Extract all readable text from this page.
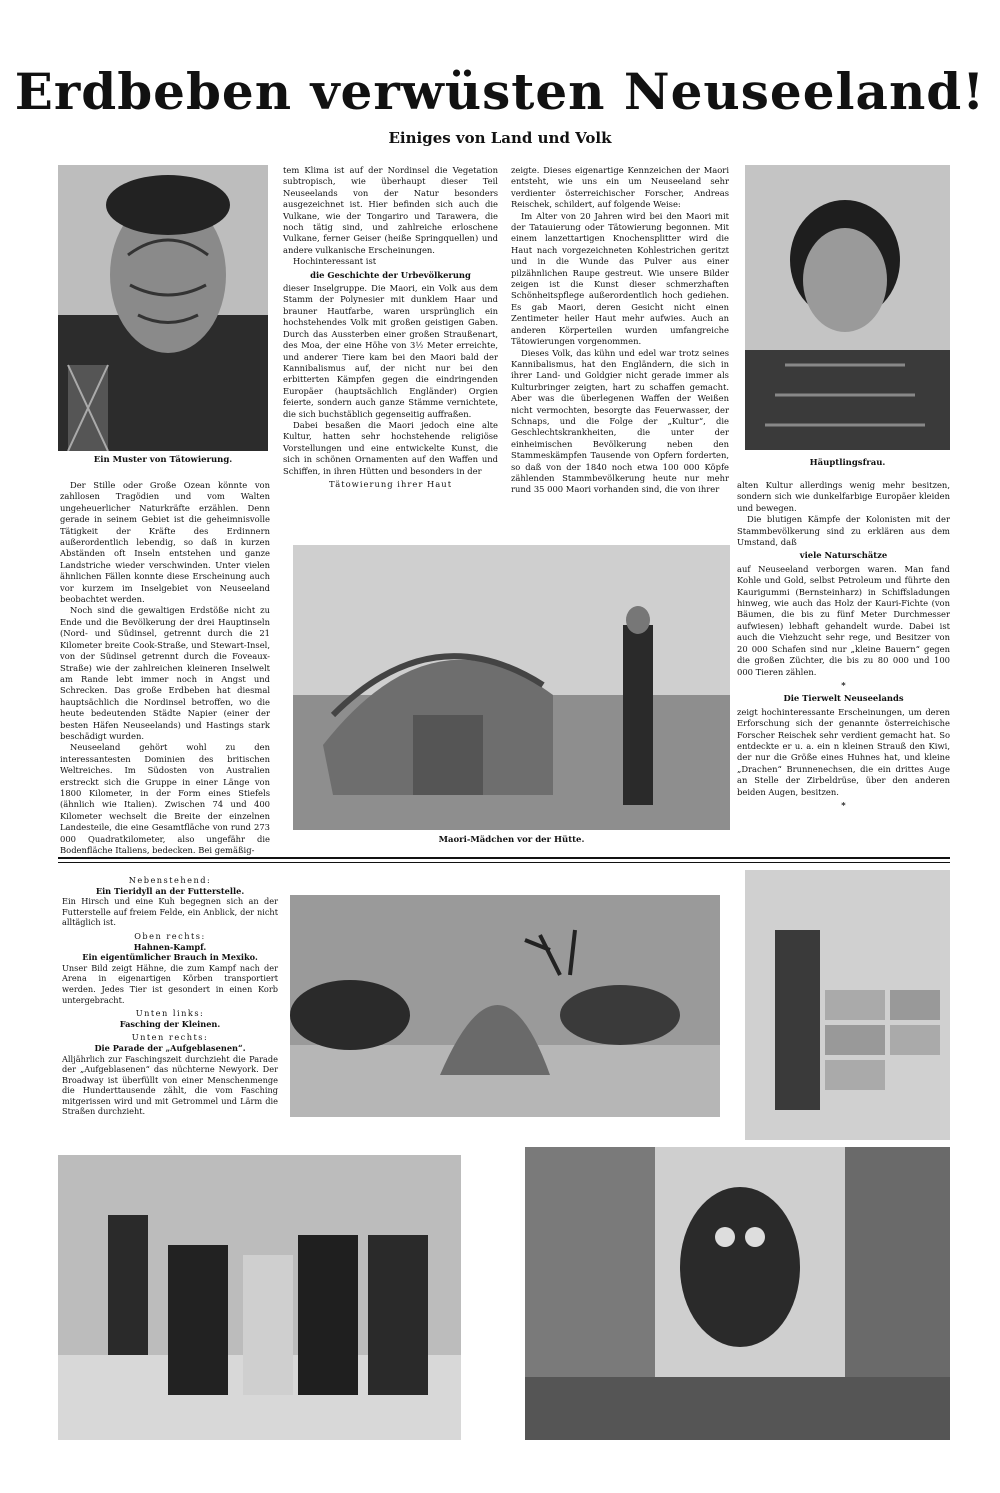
Erdbeben verwüsten Neuseeland!
Einiges von Land und Volk
Ein Muster von Tätowierung.	Häuptlingsfrau.

Der Stille oder Große Ozean könnte von zahllosen Tragödien und vom Walten ungeheuerlicher Naturkräfte erzählen. Denn gerade in seinem Gebiet ist die geheimnisvolle Tätigkeit der Kräfte des Erdinnern außerordentlich lebendig, so daß in kurzen Abständen oft Inseln entstehen und ganze Landstriche wieder verschwinden. Unter vielen ähnlichen Fällen konnte diese Erscheinung auch vor kurzem im Inselgebiet von Neuseeland beobachtet werden.

Noch sind die gewaltigen Erdstöße nicht zu Ende und die Bevölkerung der drei Hauptinseln (Nord- und Südinsel, getrennt durch die 21 Kilometer breite Cook-Straße, und Stewart-Insel, von der Südinsel getrennt durch die Foveaux-Straße) wie der zahlreichen kleineren Inselwelt am Rande lebt immer noch in Angst und Schrecken. Das große Erdbeben hat diesmal hauptsächlich die Nordinsel betroffen, wo die heute bedeutenden Städte Napier (einer der besten Häfen Neuseelands) und Hastings stark beschädigt wurden.

Neuseeland gehört wohl zu den interessantesten Dominien des britischen Weltreiches. Im Südosten von Australien erstreckt sich die Gruppe in einer Länge von 1800 Kilometer, in der Form eines Stiefels (ähnlich wie Italien). Zwischen 74 und 400 Kilometer wechselt die Breite der einzelnen Landesteile, die eine Gesamtfläche von rund 273 000 Quadratkilometer, also ungefähr die Bodenfläche Italiens, bedecken. Bei gemäßig-

tem Klima ist auf der Nordinsel die Vegetation subtropisch, wie überhaupt dieser Teil Neuseelands von der Natur besonders ausgezeichnet ist. Hier befinden sich auch die Vulkane, wie der Tongariro und Tarawera, die noch tätig sind, und zahlreiche erloschene Vulkane, ferner Geiser (heiße Springquellen) und andere vulkanische Erscheinungen.

Hochinteressant ist

die Geschichte der Urbevölkerung

dieser Inselgruppe. Die Maori, ein Volk aus dem Stamm der Polynesier mit dunklem Haar und brauner Hautfarbe, waren ursprünglich ein hochstehendes Volk mit großen geistigen Gaben. Durch das Aussterben einer großen Straußenart, des Moa, der eine Höhe von 3½ Meter erreichte, und anderer Tiere kam bei den Maori bald der Kannibalismus auf, der nicht nur bei den erbitterten Kämpfen gegen die eindringenden Europäer (hauptsächlich Engländer) Orgien feierte, sondern auch ganze Stämme vernichtete, die sich buchstäblich gegenseitig auffraßen.

Dabei besaßen die Maori jedoch eine alte Kultur, hatten sehr hochstehende religiöse Vorstellungen und eine entwickelte Kunst, die sich in schönen Ornamenten auf den Waffen und Schiffen, in ihren Hütten und besonders in der

Tätowierung ihrer Haut

zeigte. Dieses eigenartige Kennzeichen der Maori entsteht, wie uns ein um Neuseeland sehr verdienter österreichischer Forscher, Andreas Reischek, schildert, auf folgende Weise:

Im Alter von 20 Jahren wird bei den Maori mit der Tatauierung oder Tätowierung begonnen. Mit einem lanzettartigen Knochensplitter wird die Haut nach vorgezeichneten Kohlestrichen geritzt und in die Wunde das Pulver aus einer pilzähnlichen Raupe gestreut. Wie unsere Bilder zeigen ist die Kunst dieser schmerzhaften Schönheitspflege außerordentlich hoch gediehen. Es gab Maori, deren Gesicht nicht einen Zentimeter heiler Haut mehr aufwies. Auch an anderen Körperteilen wurden umfangreiche Tätowierungen vorgenommen.

Dieses Volk, das kühn und edel war trotz seines Kannibalismus, hat den Engländern, die sich in ihrer Land- und Goldgier nicht gerade immer als Kulturbringer zeigten, hart zu schaffen gemacht. Aber was die überlegenen Waffen der Weißen nicht vermochten, besorgte das Feuerwasser, der Schnaps, und die Folge der „Kultur“, die Geschlechtskrankheiten, die unter der einheimischen Bevölkerung neben den Stammeskämpfen Tausende von Opfern forderten, so daß von der 1840 noch etwa 100 000 Köpfe zählenden Stammbevölkerung heute nur mehr rund 35 000 Maori vorhanden sind, die von ihrer	alten Kultur allerdings wenig mehr besitzen, sondern sich wie dunkelfarbige Europäer kleiden und bewegen.

Die blutigen Kämpfe der Kolonisten mit der Stammbevölkerung sind zu erklären aus dem Umstand, daß

viele Naturschätze

auf Neuseeland verborgen waren. Man fand Kohle und Gold, selbst Petroleum und führte den Kaurigummi (Bernsteinharz) in Schiffsladungen hinweg, wie auch das Holz der Kauri-Fichte (von Bäumen, die bis zu fünf Meter Durchmesser aufwiesen) lebhaft gehandelt wurde. Dabei ist auch die Viehzucht sehr rege, und Besitzer von 20 000 Schafen sind nur „kleine Bauern“ gegen die großen Züchter, die bis zu 80 000 und 100 000 Tieren zählen.

*
Die Tierwelt Neuseelands

zeigt hochinteressante Erscheinungen, um deren Erforschung sich der genannte österreichische Forscher Reischek sehr verdient gemacht hat. So entdeckte er u. a. ein n kleinen Strauß den Kiwi, der nur die Größe eines Huhnes hat, und kleine „Drachen“ Brunnenechsen, die ein drittes Auge an Stelle der Zirbeldrüse, über den anderen beiden Augen, besitzen.

*
Maori-Mädchen vor der Hütte.
Nebenstehend:
Ein Tieridyll an der Futterstelle.

Ein Hirsch und eine Kuh begegnen sich an der Futterstelle auf freiem Felde, ein Anblick, der nicht alltäglich ist.

Oben rechts:
Hahnen-Kampf.
Ein eigentümlicher Brauch in Mexiko.

Unser Bild zeigt Hähne, die zum Kampf nach der Arena in eigenartigen Körben transportiert werden. Jedes Tier ist gesondert in einen Korb untergebracht.

Unten links:
Fasching der Kleinen.
Unten rechts:
Die Parade der „Aufgeblasenen“.

Alljährlich zur Faschingszeit durchzieht die Parade der „Aufgeblasenen“ das nüchterne Newyork. Der Broadway ist überfüllt von einer Menschenmenge die Hunderttausende zählt, die vom Fasching mitgerissen wird und mit Getrommel und Lärm die Straßen durchzieht.
